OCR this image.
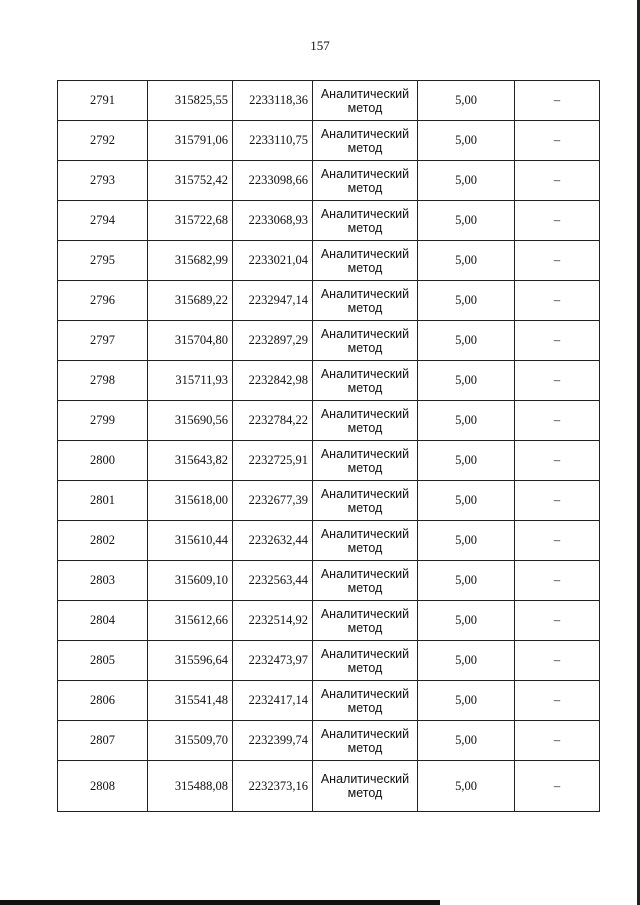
157
2791	315825,55	2233118,36	Аналитический метод	5,00	–
2792	315791,06	2233110,75	Аналитический метод	5,00	–
2793	315752,42	2233098,66	Аналитический метод	5,00	–
2794	315722,68	2233068,93	Аналитический метод	5,00	–
2795	315682,99	2233021,04	Аналитический метод	5,00	–
2796	315689,22	2232947,14	Аналитический метод	5,00	–
2797	315704,80	2232897,29	Аналитический метод	5,00	–
2798	315711,93	2232842,98	Аналитический метод	5,00	–
2799	315690,56	2232784,22	Аналитический метод	5,00	–
2800	315643,82	2232725,91	Аналитический метод	5,00	–
2801	315618,00	2232677,39	Аналитический метод	5,00	–
2802	315610,44	2232632,44	Аналитический метод	5,00	–
2803	315609,10	2232563,44	Аналитический метод	5,00	–
2804	315612,66	2232514,92	Аналитический метод	5,00	–
2805	315596,64	2232473,97	Аналитический метод	5,00	–
2806	315541,48	2232417,14	Аналитический метод	5,00	–
2807	315509,70	2232399,74	Аналитический метод	5,00	–
2808	315488,08	2232373,16	Аналитический метод	5,00	–
